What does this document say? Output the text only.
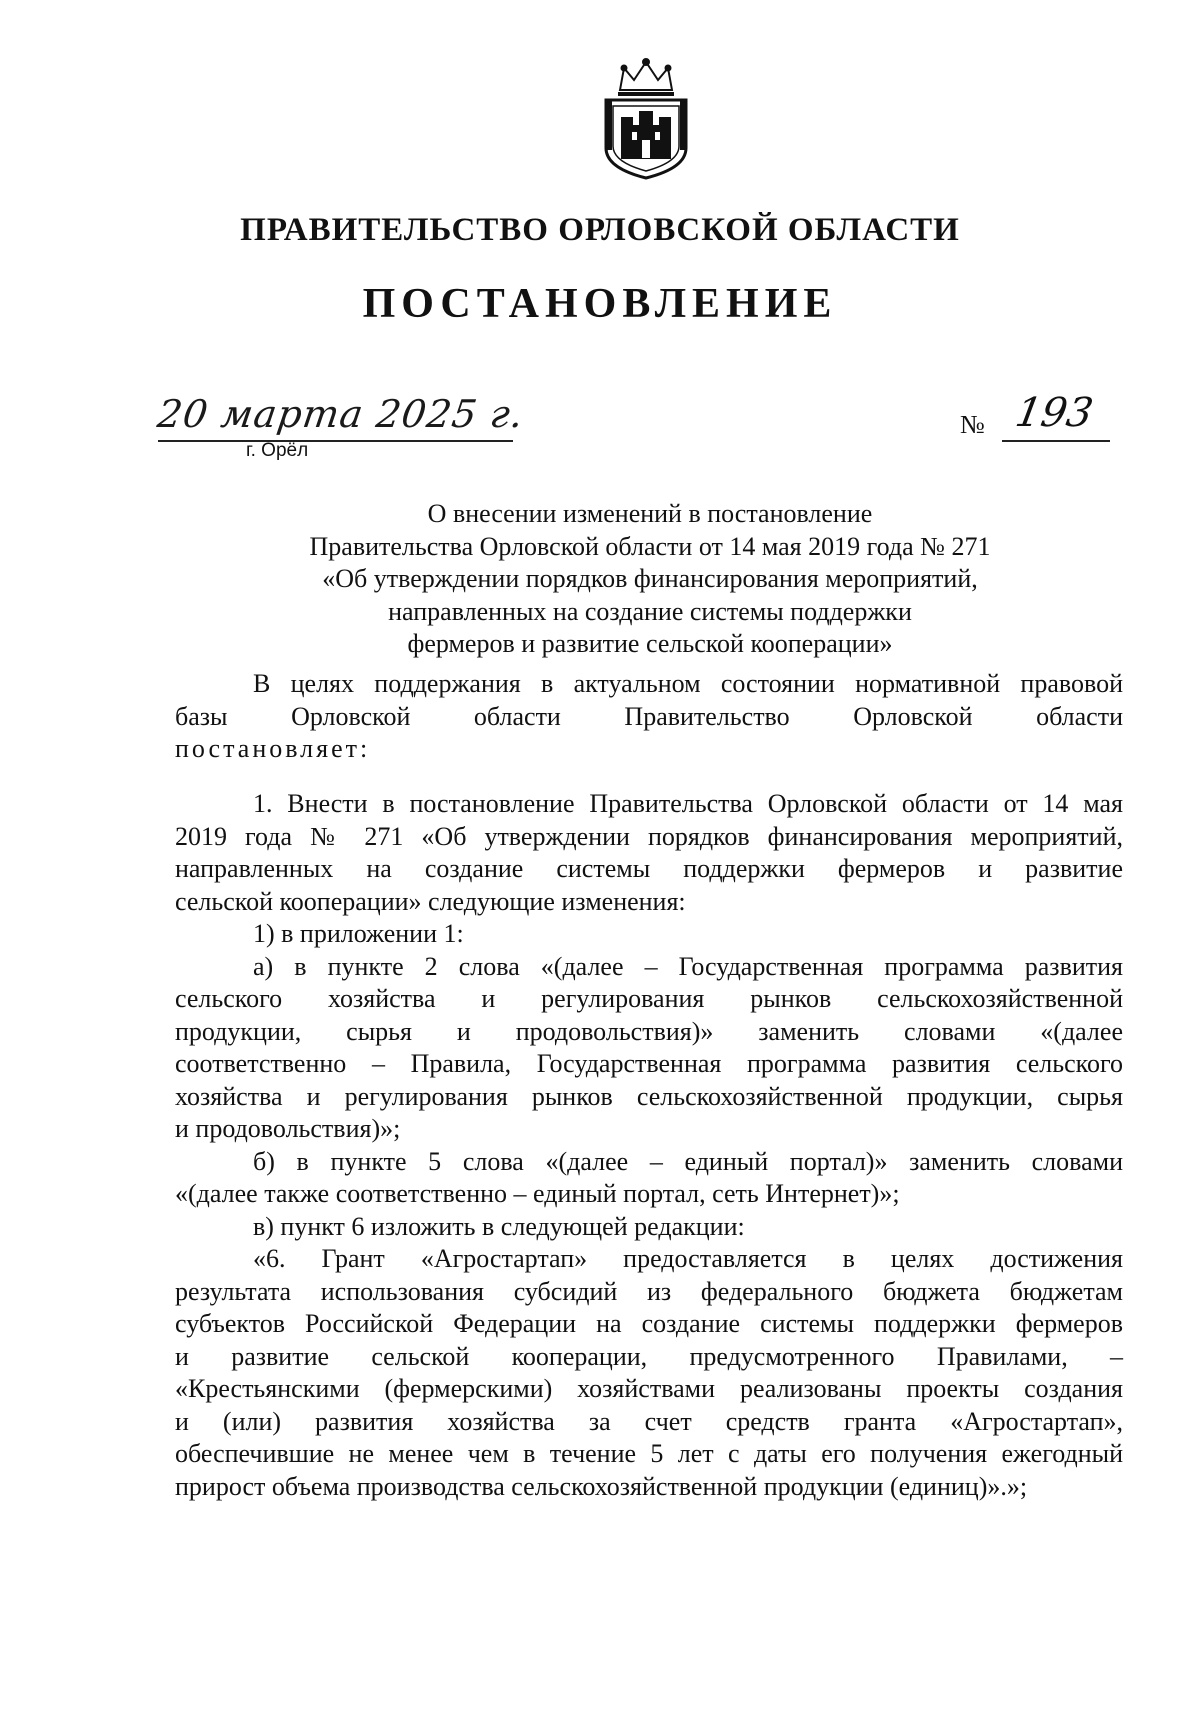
ПРАВИТЕЛЬСТВО ОРЛОВСКОЙ ОБЛАСТИ
ПОСТАНОВЛЕНИЕ
20 марта 2025 г.
г. Орёл
№ 193
О внесении изменений в постановление
Правительства Орловской области от 14 мая 2019 года № 271
«Об утверждении порядков финансирования мероприятий,
направленных на создание системы поддержки
фермеров и развитие сельской кооперации»
В целях поддержания в актуальном состоянии нормативной правовой
базы Орловской области Правительство Орловской области
постановляет:
1. Внести в постановление Правительства Орловской области от 14 мая
2019 года № 271 «Об утверждении порядков финансирования мероприятий,
направленных на создание системы поддержки фермеров и развитие
сельской кооперации» следующие изменения:
1) в приложении 1:
а) в пункте 2 слова «(далее – Государственная программа развития
сельского хозяйства и регулирования рынков сельскохозяйственной
продукции, сырья и продовольствия)» заменить словами «(далее
соответственно – Правила, Государственная программа развития сельского
хозяйства и регулирования рынков сельскохозяйственной продукции, сырья
и продовольствия)»;
б) в пункте 5 слова «(далее – единый портал)» заменить словами
«(далее также соответственно – единый портал, сеть Интернет)»;
в) пункт 6 изложить в следующей редакции:
«6. Грант «Агростартап» предоставляется в целях достижения
результата использования субсидий из федерального бюджета бюджетам
субъектов Российской Федерации на создание системы поддержки фермеров
и развитие сельской кооперации, предусмотренного Правилами, –
«Крестьянскими (фермерскими) хозяйствами реализованы проекты создания
и (или) развития хозяйства за счет средств гранта «Агростартап»,
обеспечившие не менее чем в течение 5 лет с даты его получения ежегодный
прирост объема производства сельскохозяйственной продукции (единиц)».»;
